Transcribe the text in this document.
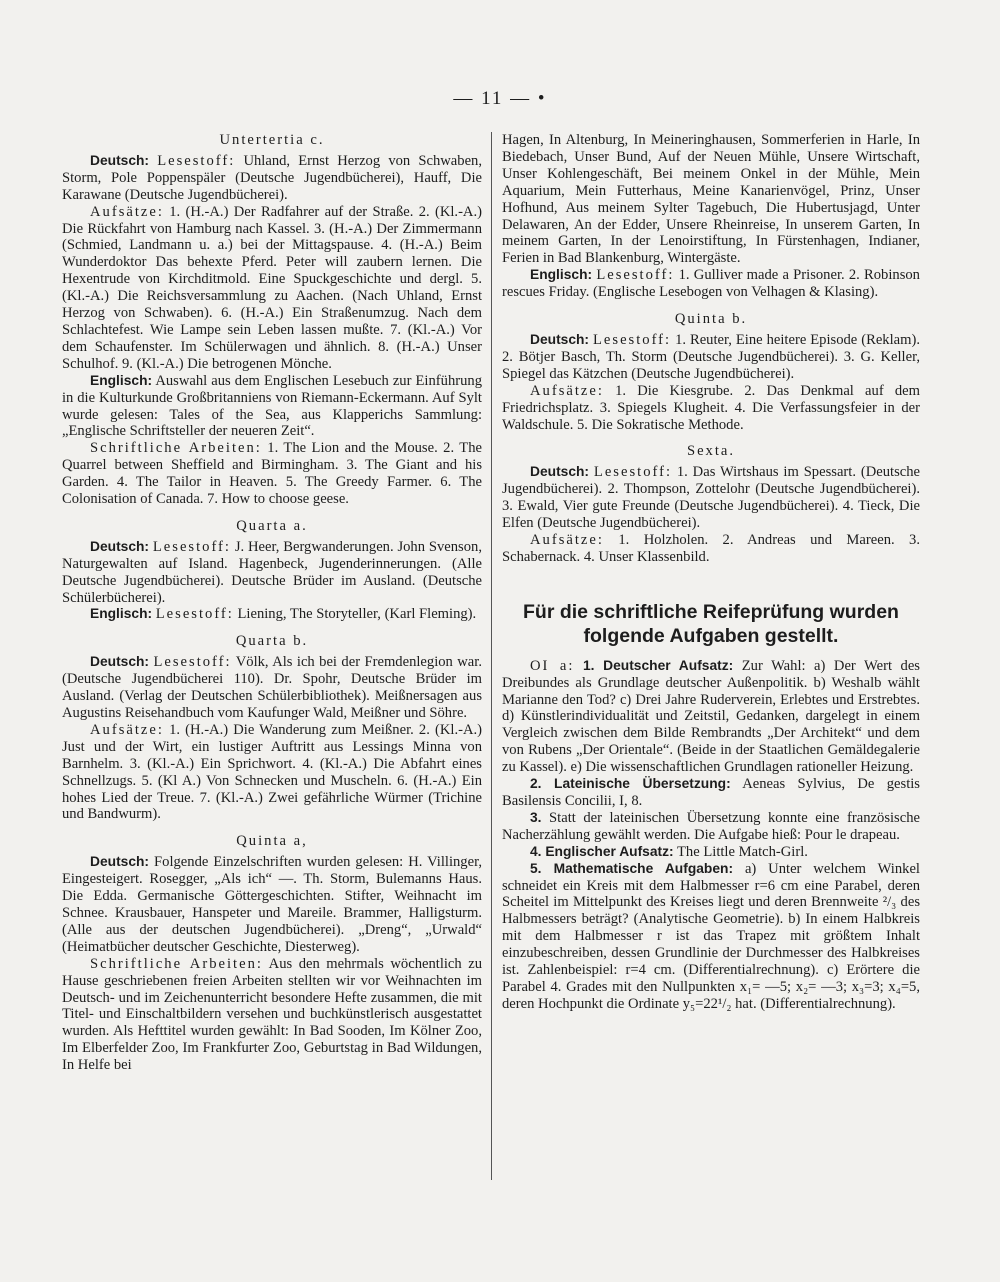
— 11 — •
Untertertia c.

Deutsch: Lesestoff: Uhland, Ernst Herzog von Schwaben, Storm, Pole Poppenspäler (Deutsche Jugendbücherei), Hauff, Die Karawane (Deutsche Jugendbücherei).

Aufsätze: 1. (H.-A.) Der Radfahrer auf der Straße. 2. (Kl.-A.) Die Rückfahrt von Hamburg nach Kassel. 3. (H.-A.) Der Zimmermann (Schmied, Landmann u. a.) bei der Mittagspause. 4. (H.-A.) Beim Wunderdoktor Das behexte Pferd. Peter will zaubern lernen. Die Hexentrude von Kirchditmold. Eine Spuckgeschichte und dergl. 5. (Kl.-A.) Die Reichsversammlung zu Aachen. (Nach Uhland, Ernst Herzog von Schwaben). 6. (H.-A.) Ein Straßenumzug. Nach dem Schlachtefest. Wie Lampe sein Leben lassen mußte. 7. (Kl.-A.) Vor dem Schaufenster. Im Schülerwagen und ähnlich. 8. (H.-A.) Unser Schulhof. 9. (Kl.-A.) Die betrogenen Mönche.

Englisch: Auswahl aus dem Englischen Lesebuch zur Einführung in die Kulturkunde Großbritanniens von Riemann-Eckermann. Auf Sylt wurde gelesen: Tales of the Sea, aus Klapperichs Sammlung: „Englische Schriftsteller der neueren Zeit“.

Schriftliche Arbeiten: 1. The Lion and the Mouse. 2. The Quarrel between Sheffield and Birmingham. 3. The Giant and his Garden. 4. The Tailor in Heaven. 5. The Greedy Farmer. 6. The Colonisation of Canada. 7. How to choose geese.

Quarta a.

Deutsch: Lesestoff: J. Heer, Bergwanderungen. John Svenson, Naturgewalten auf Island. Hagenbeck, Jugenderinnerungen. (Alle Deutsche Jugendbücherei). Deutsche Brüder im Ausland. (Deutsche Schülerbücherei).

Englisch: Lesestoff: Liening, The Storyteller, (Karl Fleming).

Quarta b.

Deutsch: Lesestoff: Völk, Als ich bei der Fremdenlegion war. (Deutsche Jugendbücherei 110). Dr. Spohr, Deutsche Brüder im Ausland. (Verlag der Deutschen Schülerbibliothek). Meißnersagen aus Augustins Reisehandbuch vom Kaufunger Wald, Meißner und Söhre.

Aufsätze: 1. (H.-A.) Die Wanderung zum Meißner. 2. (Kl.-A.) Just und der Wirt, ein lustiger Auftritt aus Lessings Minna von Barnhelm. 3. (Kl.-A.) Ein Sprichwort. 4. (Kl.-A.) Die Abfahrt eines Schnellzugs. 5. (Kl A.) Von Schnecken und Muscheln. 6. (H.-A.) Ein hohes Lied der Treue. 7. (Kl.-A.) Zwei gefährliche Würmer (Trichine und Bandwurm).

Quinta a,

Deutsch: Folgende Einzelschriften wurden gelesen: H. Villinger, Eingesteigert. Rosegger, „Als ich“ —. Th. Storm, Bulemanns Haus. Die Edda. Germanische Göttergeschichten. Stifter, Weihnacht im Schnee. Krausbauer, Hanspeter und Mareile. Brammer, Halligsturm. (Alle aus der deutschen Jugendbücherei). „Dreng“, „Urwald“ (Heimatbücher deutscher Geschichte, Diesterweg).

Schriftliche Arbeiten: Aus den mehrmals wöchentlich zu Hause geschriebenen freien Arbeiten stellten wir vor Weihnachten im Deutsch- und im Zeichenunterricht besondere Hefte zusammen, die mit Titel- und Einschaltbildern versehen und buchkünstlerisch ausgestattet wurden. Als Hefttitel wurden gewählt: In Bad Sooden, Im Kölner Zoo, Im Elberfelder Zoo, Im Frankfurter Zoo, Geburtstag in Bad Wildungen, In Helfe bei

Hagen, In Altenburg, In Meineringhausen, Sommerferien in Harle, In Biedebach, Unser Bund, Auf der Neuen Mühle, Unsere Wirtschaft, Unser Kohlengeschäft, Bei meinem Onkel in der Mühle, Mein Aquarium, Mein Futterhaus, Meine Kanarienvögel, Prinz, Unser Hofhund, Aus meinem Sylter Tagebuch, Die Hubertusjagd, Unter Delawaren, An der Edder, Unsere Rheinreise, In unserem Garten, In meinem Garten, In der Lenoirstiftung, In Fürstenhagen, Indianer, Ferien in Bad Blankenburg, Wintergäste.

Englisch: Lesestoff: 1. Gulliver made a Prisoner. 2. Robinson rescues Friday. (Englische Lesebogen von Velhagen & Klasing).

Quinta b.

Deutsch: Lesestoff: 1. Reuter, Eine heitere Episode (Reklam). 2. Bötjer Basch, Th. Storm (Deutsche Jugendbücherei). 3. G. Keller, Spiegel das Kätzchen (Deutsche Jugendbücherei).

Aufsätze: 1. Die Kiesgrube. 2. Das Denkmal auf dem Friedrichsplatz. 3. Spiegels Klugheit. 4. Die Verfassungsfeier in der Waldschule. 5. Die Sokratische Methode.

Sexta.

Deutsch: Lesestoff: 1. Das Wirtshaus im Spessart. (Deutsche Jugendbücherei). 2. Thompson, Zottelohr (Deutsche Jugendbücherei). 3. Ewald, Vier gute Freunde (Deutsche Jugendbücherei). 4. Tieck, Die Elfen (Deutsche Jugendbücherei).

Aufsätze: 1. Holzholen. 2. Andreas und Mareen. 3. Schabernack. 4. Unser Klassenbild.

Für die schriftliche Reifeprüfung wurden
folgende Aufgaben gestellt.

OI a: 1. Deutscher Aufsatz: Zur Wahl: a) Der Wert des Dreibundes als Grundlage deutscher Außenpolitik. b) Weshalb wählt Marianne den Tod? c) Drei Jahre Ruderverein, Erlebtes und Erstrebtes. d) Künstlerindividualität und Zeitstil, Gedanken, dargelegt in einem Vergleich zwischen dem Bilde Rembrandts „Der Architekt“ und dem von Rubens „Der Orientale“. (Beide in der Staatlichen Gemäldegalerie zu Kassel). e) Die wissenschaftlichen Grundlagen rationeller Heizung.

2. Lateinische Übersetzung: Aeneas Sylvius, De gestis Basilensis Concilii, I, 8.

3. Statt der lateinischen Übersetzung konnte eine französische Nacherzählung gewählt werden. Die Aufgabe hieß: Pour le drapeau.

4. Englischer Aufsatz: The Little Match-Girl.

5. Mathematische Aufgaben: a) Unter welchem Winkel schneidet ein Kreis mit dem Halbmesser r=6 cm eine Parabel, deren Scheitel im Mittelpunkt des Kreises liegt und deren Brennweite ²/₃ des Halbmessers beträgt? (Analytische Geometrie). b) In einem Halbkreis mit dem Halbmesser r ist das Trapez mit größtem Inhalt einzubeschreiben, dessen Grundlinie der Durchmesser des Halbkreises ist. Zahlenbeispiel: r=4 cm. (Differentialrechnung). c) Erörtere die Parabel 4. Grades mit den Nullpunkten x₁= —5; x₂= —3; x₃=3; x₄=5, deren Hochpunkt die Ordinate y₅=22¹/₂ hat. (Differentialrechnung).
